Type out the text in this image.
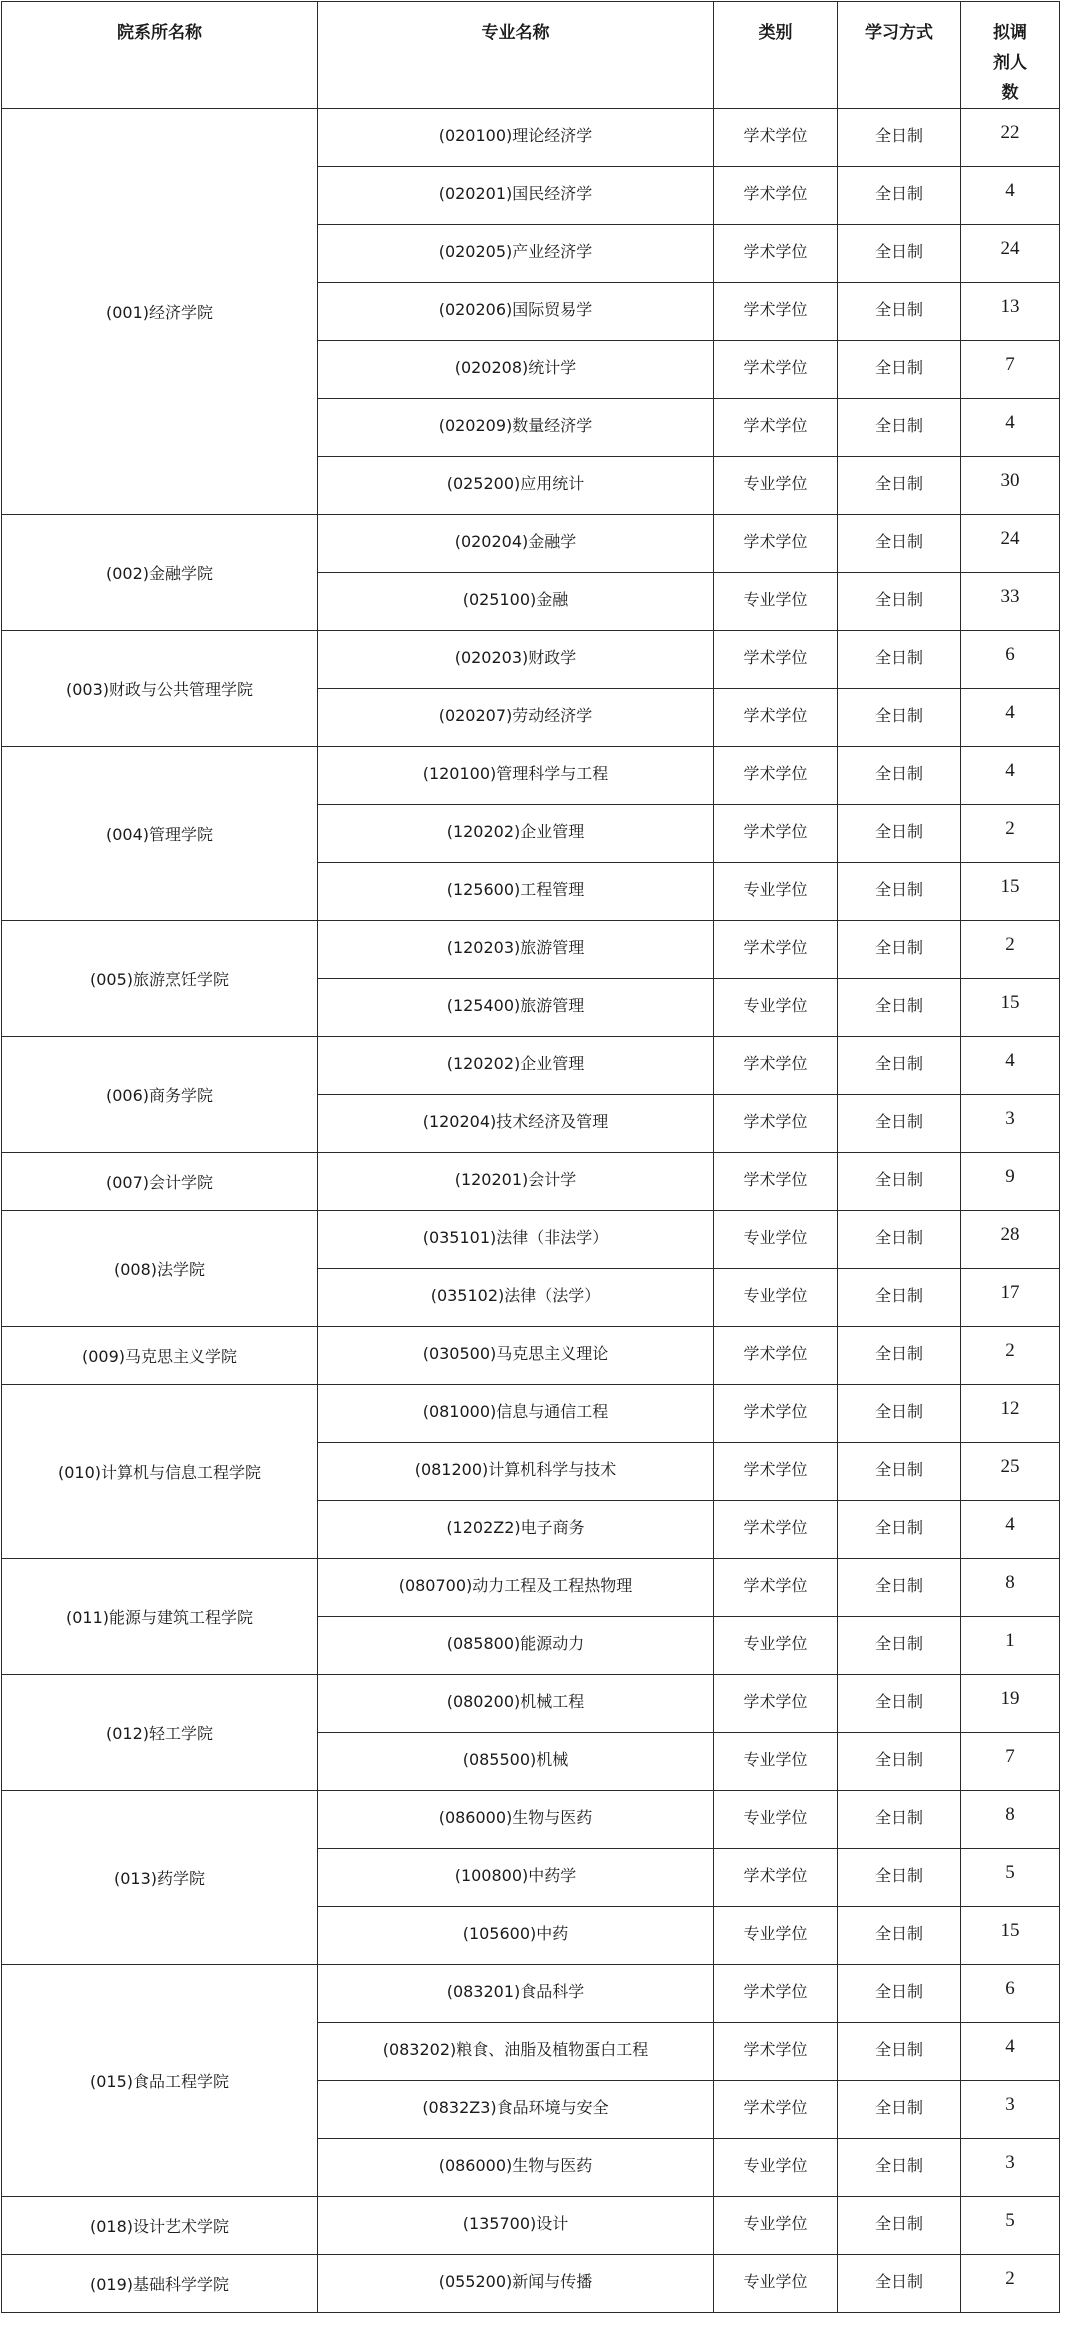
院系所名称	专业名称	类别	学习方式	拟调剂人数

(001)经济学院	(020100)理论经济学	学术学位	全日制	22
	(020201)国民经济学	学术学位	全日制	4
	(020205)产业经济学	学术学位	全日制	24
	(020206)国际贸易学	学术学位	全日制	13
	(020208)统计学	学术学位	全日制	7
	(020209)数量经济学	学术学位	全日制	4
	(025200)应用统计	专业学位	全日制	30
(002)金融学院	(020204)金融学	学术学位	全日制	24
	(025100)金融	专业学位	全日制	33
(003)财政与公共管理学院	(020203)财政学	学术学位	全日制	6
	(020207)劳动经济学	学术学位	全日制	4
(004)管理学院	(120100)管理科学与工程	学术学位	全日制	4
	(120202)企业管理	学术学位	全日制	2
	(125600)工程管理	专业学位	全日制	15
(005)旅游烹饪学院	(120203)旅游管理	学术学位	全日制	2
	(125400)旅游管理	专业学位	全日制	15
(006)商务学院	(120202)企业管理	学术学位	全日制	4
	(120204)技术经济及管理	学术学位	全日制	3
(007)会计学院	(120201)会计学	学术学位	全日制	9
(008)法学院	(035101)法律（非法学）	专业学位	全日制	28
	(035102)法律（法学）	专业学位	全日制	17
(009)马克思主义学院	(030500)马克思主义理论	学术学位	全日制	2
(010)计算机与信息工程学院	(081000)信息与通信工程	学术学位	全日制	12
	(081200)计算机科学与技术	学术学位	全日制	25
	(1202Z2)电子商务	学术学位	全日制	4
(011)能源与建筑工程学院	(080700)动力工程及工程热物理	学术学位	全日制	8
	(085800)能源动力	专业学位	全日制	1
(012)轻工学院	(080200)机械工程	学术学位	全日制	19
	(085500)机械	专业学位	全日制	7
(013)药学院	(086000)生物与医药	专业学位	全日制	8
	(100800)中药学	学术学位	全日制	5
	(105600)中药	专业学位	全日制	15
(015)食品工程学院	(083201)食品科学	学术学位	全日制	6
	(083202)粮食、油脂及植物蛋白工程	学术学位	全日制	4
	(0832Z3)食品环境与安全	学术学位	全日制	3
	(086000)生物与医药	专业学位	全日制	3
(018)设计艺术学院	(135700)设计	专业学位	全日制	5
(019)基础科学学院	(055200)新闻与传播	专业学位	全日制	2
